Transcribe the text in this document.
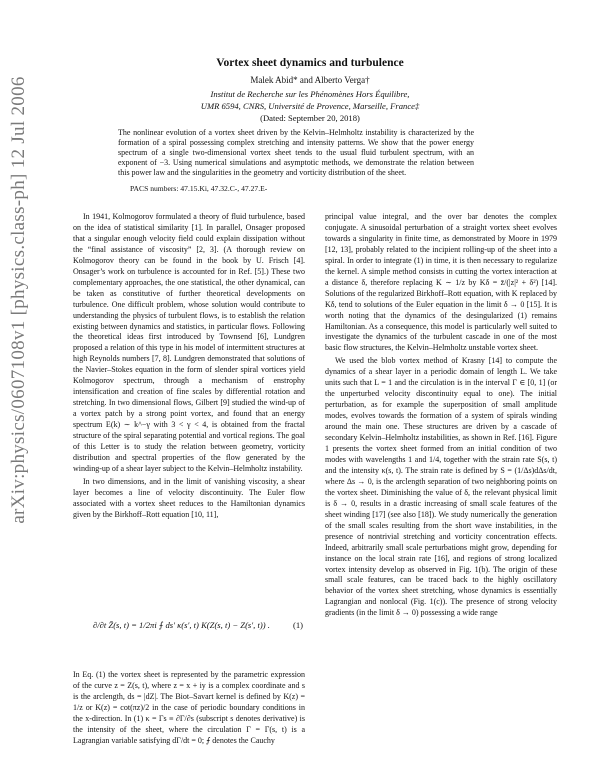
arXiv:physics/0607108v1 [physics.class-ph] 12 Jul 2006
Vortex sheet dynamics and turbulence
Malek Abid* and Alberto Verga†
Institut de Recherche sur les Phénomènes Hors Équilibre,
UMR 6594, CNRS, Université de Provence, Marseille, France‡
(Dated: September 20, 2018)

The nonlinear evolution of a vortex sheet driven by the Kelvin–Helmholtz instability is characterized by the formation of a spiral possessing complex stretching and intensity patterns. We show that the power energy spectrum of a single two-dimensional vortex sheet tends to the usual fluid turbulent spectrum, with an exponent of −3. Using numerical simulations and asymptotic methods, we demonstrate the relation between this power law and the singularities in the geometry and vorticity distribution of the sheet.

PACS numbers: 47.15.Ki, 47.32.C-, 47.27.E-

In 1941, Kolmogorov formulated a theory of fluid turbulence, based on the idea of statistical similarity [1]. In parallel, Onsager proposed that a singular enough velocity field could explain dissipation without the “final assistance of viscosity” [2, 3]. (A thorough review on Kolmogorov theory can be found in the book by U. Frisch [4]. Onsager’s work on turbulence is accounted for in Ref. [5].) These two complementary approaches, the one statistical, the other dynamical, can be taken as constitutive of further theoretical developments on turbulence. One difficult problem, whose solution would contribute to understanding the physics of turbulent flows, is to establish the relation existing between dynamics and statistics, in particular flows. Following the theoretical ideas first introduced by Townsend [6], Lundgren proposed a relation of this type in his model of intermittent structures at high Reynolds numbers [7, 8]. Lundgren demonstrated that solutions of the Navier–Stokes equation in the form of slender spiral vortices yield Kolmogorov spectrum, through a mechanism of enstrophy intensification and creation of fine scales by differential rotation and stretching. In two dimensional flows, Gilbert [9] studied the wind-up of a vortex patch by a strong point vortex, and found that an energy spectrum E(k) ∼ k^−γ with 3 < γ < 4, is obtained from the fractal structure of the spiral separating potential and vortical regions. The goal of this Letter is to study the relation between geometry, vorticity distribution and spectral properties of the flow generated by the winding-up of a shear layer subject to the Kelvin–Helmholtz instability.

In two dimensions, and in the limit of vanishing viscosity, a shear layer becomes a line of velocity discontinuity. The Euler flow associated with a vortex sheet reduces to the Hamiltonian dynamics given by the Birkhoff–Rott equation [10, 11],

∂/∂t Z̄(s, t) = 1/2πi ⨍ ds′ κ(s′, t) K(Z(s, t) − Z(s′, t)) .	(1)

In Eq. (1) the vortex sheet is represented by the parametric expression of the curve z = Z(s, t), where z = x + iy is a complex coordinate and s is the arclength, ds = |dZ|. The Biot–Savart kernel is defined by K(z) = 1/z or K(z) = cot(πz)/2 in the case of periodic boundary conditions in the x-direction. In (1) κ = Γs ≡ ∂Γ/∂s (subscript s denotes derivative) is the intensity of the sheet, where the circulation Γ = Γ(s, t) is a Lagrangian variable satisfying dΓ/dt = 0; ⨍ denotes the Cauchy

principal value integral, and the over bar denotes the complex conjugate. A sinusoidal perturbation of a straight vortex sheet evolves towards a singularity in finite time, as demonstrated by Moore in 1979 [12, 13], probably related to the incipient rolling-up of the sheet into a spiral. In order to integrate (1) in time, it is then necessary to regularize the kernel. A simple method consists in cutting the vortex interaction at a distance δ, therefore replacing K ∼ 1/z by Kδ = z̄/(|z|² + δ²) [14]. Solutions of the regularized Birkhoff–Rott equation, with K replaced by Kδ, tend to solutions of the Euler equation in the limit δ → 0 [15]. It is worth noting that the dynamics of the desingularized (1) remains Hamiltonian. As a consequence, this model is particularly well suited to investigate the dynamics of the turbulent cascade in one of the most basic flow structures, the Kelvin–Helmholtz unstable vortex sheet.

We used the blob vortex method of Krasny [14] to compute the dynamics of a shear layer in a periodic domain of length L. We take units such that L = 1 and the circulation is in the interval Γ ∈ [0, 1] (or the unperturbed velocity discontinuity equal to one). The initial perturbation, as for example the superposition of small amplitude modes, evolves towards the formation of a system of spirals winding around the main one. These structures are driven by a cascade of secondary Kelvin–Helmholtz instabilities, as shown in Ref. [16]. Figure 1 presents the vortex sheet formed from an initial condition of two modes with wavelengths 1 and 1/4, together with the strain rate S(s, t) and the intensity κ(s, t). The strain rate is defined by S = (1/Δs)dΔs/dt, where Δs → 0, is the arclength separation of two neighboring points on the vortex sheet. Diminishing the value of δ, the relevant physical limit is δ → 0, results in a drastic increasing of small scale features of the sheet winding [17] (see also [18]). We study numerically the generation of the small scales resulting from the short wave instabilities, in the presence of nontrivial stretching and vorticity concentration effects. Indeed, arbitrarily small scale perturbations might grow, depending for instance on the local strain rate [16], and regions of strong localized vortex intensity develop as observed in Fig. 1(b). The origin of these small scale features, can be traced back to the highly oscillatory behavior of the vortex sheet stretching, whose dynamics is essentially Lagrangian and nonlocal (Fig. 1(c)). The presence of strong velocity gradients (in the limit δ → 0) possessing a wide range
